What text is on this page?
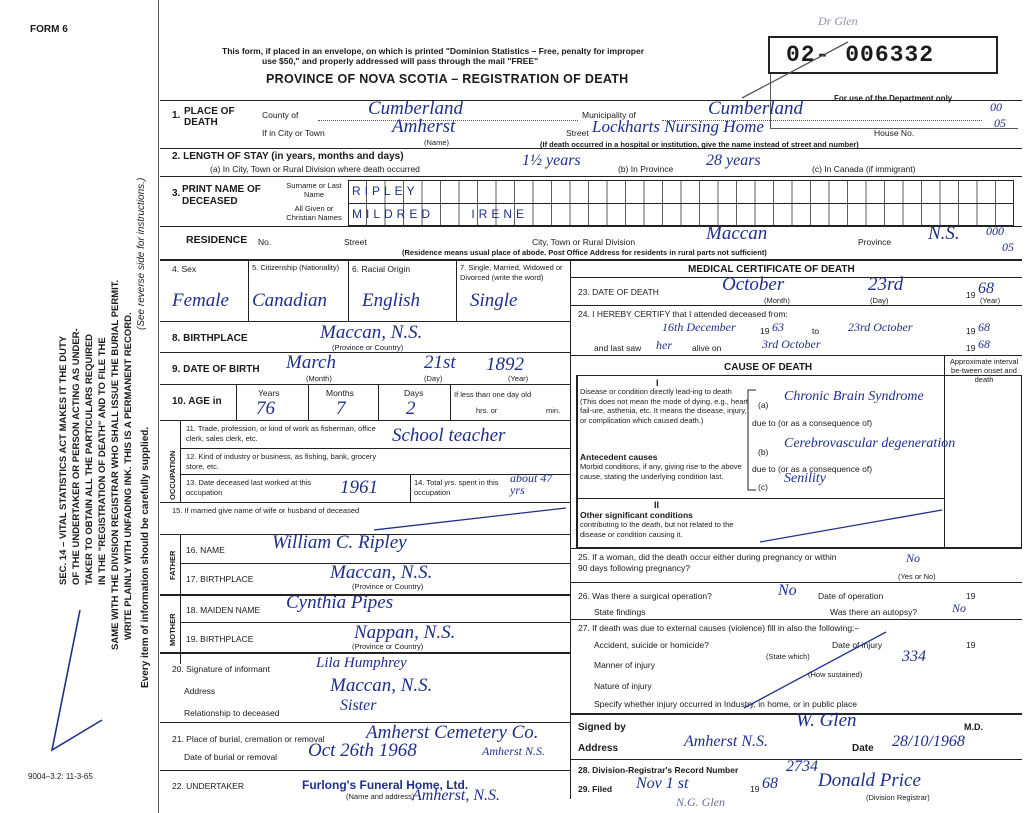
FORM 6
This form, if placed in an envelope, on which is printed "Dominion Statistics – Free, penalty for improper
use $50," and properly addressed will pass through the mail "FREE"
PROVINCE OF NOVA SCOTIA – REGISTRATION OF DEATH
02- 006332
Dr Glen
For use of the Department only
00
05
000
05
SEC. 14 – VITAL STATISTICS ACT MAKES IT THE DUTY OF THE UNDERTAKER OR PERSON ACTING AS UNDER- TAKER TO OBTAIN ALL THE PARTICULARS REQUIRED IN THE "REGISTRATION OF DEATH" AND TO FILE THE SAME WITH THE DIVISION REGISTRAR WHO SHALL ISSUE THE BURIAL PERMIT. WRITE PLAINLY WITH UNFADING INK. THIS IS A PERMANENT RECORD.
(See reverse side for instructions.)
Every item of information should be carefully supplied.
9004–3.2: 11-3-65
1. PLACE OF DEATH
County of	Cumberland	Municipality of	Cumberland
If in City or Town	Amherst
(Name)
Street Lockharts Nursing Home	House No.
(If death occurred in a hospital or institution, give the name instead of street and number)
2. LENGTH OF STAY (in years, months and days)
(a) In City, Town or Rural Division where death occurred	1½ years	(b) In Province 28 years	(c) In Canada (if immigrant)
3. PRINT NAME OF DECEASED
Surname or Last Name
All Given or Christian Names
RIPLEY
MILDRED IRENE
RESIDENCE No.	Street	City, Town or Rural Division	Maccan	Province N.S.
(Residence means usual place of abode. Post Office Address for residents in rural parts not sufficient)
4. Sex	5. Citizenship (Nationality)	6. Racial Origin	7. Single, Married, Widowed or Divorced (write the word)
Female Canadian English	Single
8. BIRTHPLACE	Maccan, N.S.
(Province or Country)
9. DATE OF BIRTH March	21st 1892
(Month)	(Day)	(Year)
10. AGE in
Years	Months	Days
76	7	2
If less than one day old
hrs. or	min.
OCCUPATION
11. Trade, profession, or kind of work as fisherman, office clerk, sales clerk, etc.	School teacher
12. Kind of industry or business, as fishing, bank, grocery store, etc.
13. Date deceased last worked at this occupation	1961	14. Total yrs. spent in this occupation
about 47 yrs
15. If married give name of wife or husband of deceased
FATHER
MOTHER
16. NAME William C. Ripley
17. BIRTHPLACE	Maccan, N.S.
(Province or Country)
18. MAIDEN NAME Cynthia Pipes
19. BIRTHPLACE	Nappan, N.S.
(Province or Country)
20. Signature of informant	Lila Humphrey
Address	Maccan, N.S.
Relationship to deceased	Sister
21. Place of burial, cremation or removal Amherst Cemetery Co.
Date of burial or removal Oct 26th 1968	Amherst N.S.
22. UNDERTAKER	Furlong's Funeral Home, Ltd.
(Name and address)
Amherst, N.S.
MEDICAL CERTIFICATE OF DEATH
23. DATE OF DEATH	October	23rd	19 68
(Month)	(Day)	(Year)
24. I HEREBY CERTIFY that I attended deceased from:
16th December	19 63	to 23rd October	19 68
and last saw her alive on	3rd October	19 68
CAUSE OF DEATH
Approximate interval be-tween onset and death
I
Disease or condition directly lead-ing to death (This does not mean the mode of dying, e.g., heart fail-ure, asthenia, etc. It means the disease, injury, or complication which caused death.)
(a)
Chronic Brain Syndrome
due to (or as a consequence of)
Antecedent causes
Morbid conditions, if any, giving rise to the above cause, stating the underlying condition last.
(b)
Cerebrovascular degeneration
due to (or as a consequence of)
(c)
Senility
II
Other significant conditions
contributing to the death, but not related to the disease or condition causing it.
25. If a woman, did the death occur either during pregnancy or within 90 days following pregnancy?
No
(Yes or No)
26. Was there a surgical operation?	No	Date of operation	19
State findings	Was there an autopsy?	No
27. If death was due to external causes (violence) fill in also the following:–
Accident, suicide or homicide?	Date of injury	19
(State which)	334
Manner of injury
(How sustained)
Nature of injury
Specify whether injury occurred in Industry, in home, or in public place
Signed by	W. Glen	M.D.
Address	Amherst N.S.	Date 28/10/1968
28. Division-Registrar's Record Number	2734
29. Filed Nov 1 st	19 68 Donald Price
(Division Registrar)
N.G. Glen
